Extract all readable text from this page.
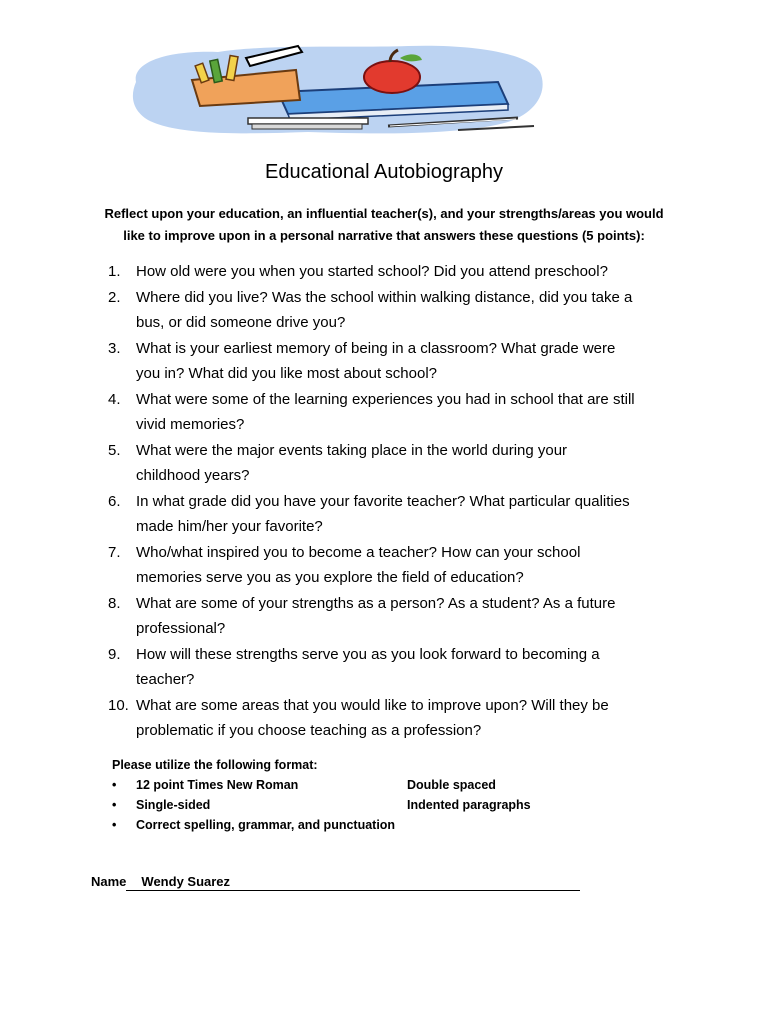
Educational Autobiography
Reflect upon your education, an influential teacher(s), and your strengths/areas you would
like to improve upon in a personal narrative that answers these questions (5 points):
1.	How old were you when you started school? Did you attend preschool?
2.	Where did you live? Was the school within walking distance, did you take a
bus, or did someone drive you?
3.	What is your earliest memory of being in a classroom? What grade were
you in? What did you like most about school?
4.	What were some of the learning experiences you had in school that are still
vivid memories?
5.	What were the major events taking place in the world during your
childhood years?
6.	In what grade did you have your favorite teacher? What particular qualities
made him/her your favorite?
7.	Who/what inspired you to become a teacher? How can your school
memories serve you as you explore the field of education?
8.	What are some of your strengths as a person? As a student? As a future
professional?
9.	How will these strengths serve you as you look forward to becoming a
teacher?
10. What are some areas that you would like to improve upon? Will they be
problematic if you choose teaching as a profession?
Please utilize the following format:
• 12 point Times New Roman	Double spaced
• Single-sided	Indented paragraphs
• Correct spelling, grammar, and punctuation
Name Wendy Suarez
